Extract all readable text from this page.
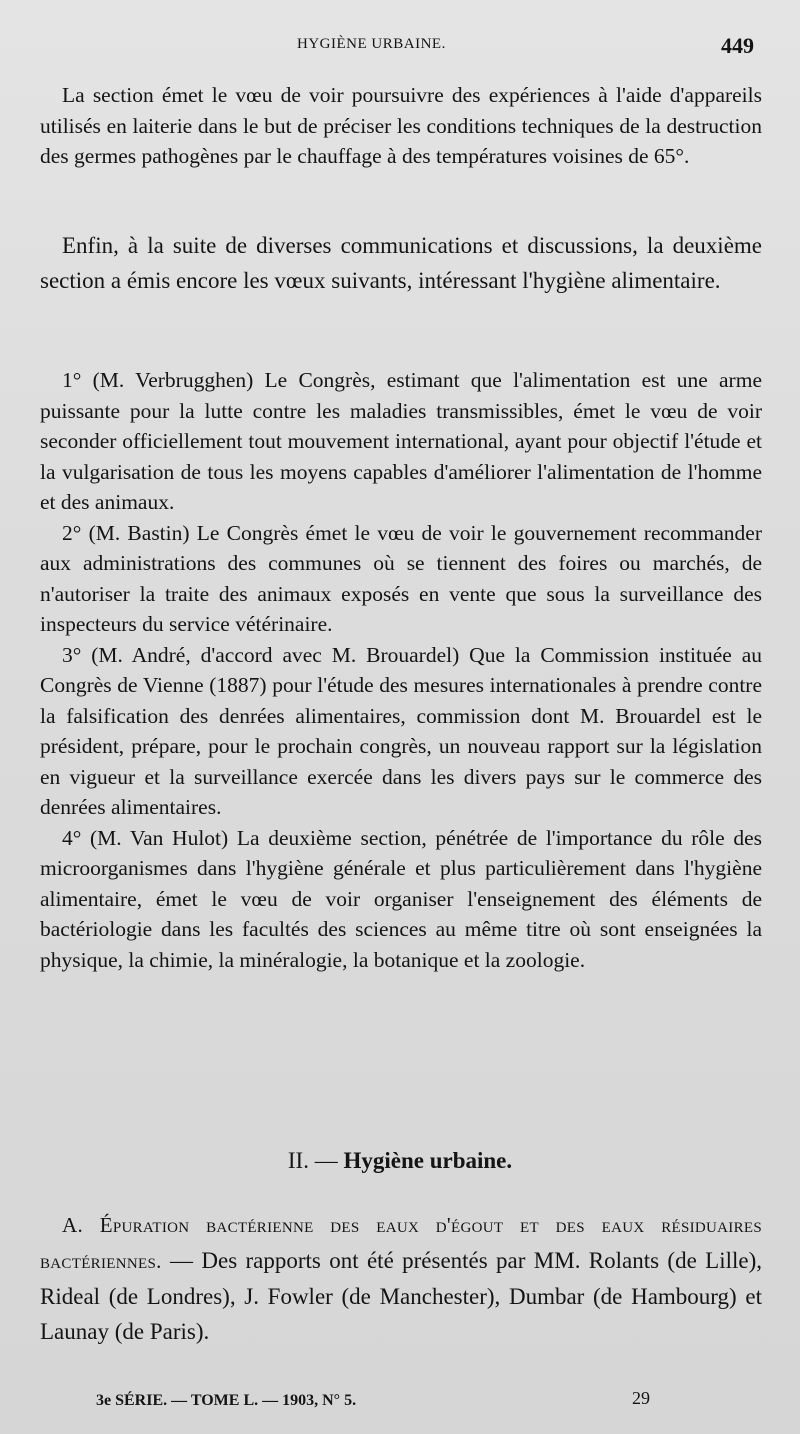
HYGIÈNE URBAINE.	449

La section émet le vœu de voir poursuivre des expériences à l'aide d'appareils utilisés en laiterie dans le but de préciser les conditions techniques de la destruction des germes pathogènes par le chauffage à des températures voisines de 65°.

Enfin, à la suite de diverses communications et discussions, la deuxième section a émis encore les vœux suivants, intéressant l'hygiène alimentaire.

1° (M. Verbrugghen) Le Congrès, estimant que l'alimentation est une arme puissante pour la lutte contre les maladies transmissibles, émet le vœu de voir seconder officiellement tout mouvement international, ayant pour objectif l'étude et la vulgarisation de tous les moyens capables d'améliorer l'alimentation de l'homme et des animaux.

2° (M. Bastin) Le Congrès émet le vœu de voir le gouvernement recommander aux administrations des communes où se tiennent des foires ou marchés, de n'autoriser la traite des animaux exposés en vente que sous la surveillance des inspecteurs du service vétérinaire.

3° (M. André, d'accord avec M. Brouardel) Que la Commission instituée au Congrès de Vienne (1887) pour l'étude des mesures internationales à prendre contre la falsification des denrées alimentaires, commission dont M. Brouardel est le président, prépare, pour le prochain congrès, un nouveau rapport sur la législation en vigueur et la surveillance exercée dans les divers pays sur le commerce des denrées alimentaires.

4° (M. Van Hulot) La deuxième section, pénétrée de l'importance du rôle des microorganismes dans l'hygiène générale et plus particulièrement dans l'hygiène alimentaire, émet le vœu de voir organiser l'enseignement des éléments de bactériologie dans les facultés des sciences au même titre où sont enseignées la physique, la chimie, la minéralogie, la botanique et la zoologie.

II. — Hygiène urbaine.

A. Épuration bactérienne des eaux d'égout et des eaux résiduaires bactériennes. — Des rapports ont été présentés par MM. Rolants (de Lille), Rideal (de Londres), J. Fowler (de Manchester), Dumbar (de Hambourg) et Launay (de Paris).

3e SÉRIE. — TOME L. — 1903, N° 5.	29
